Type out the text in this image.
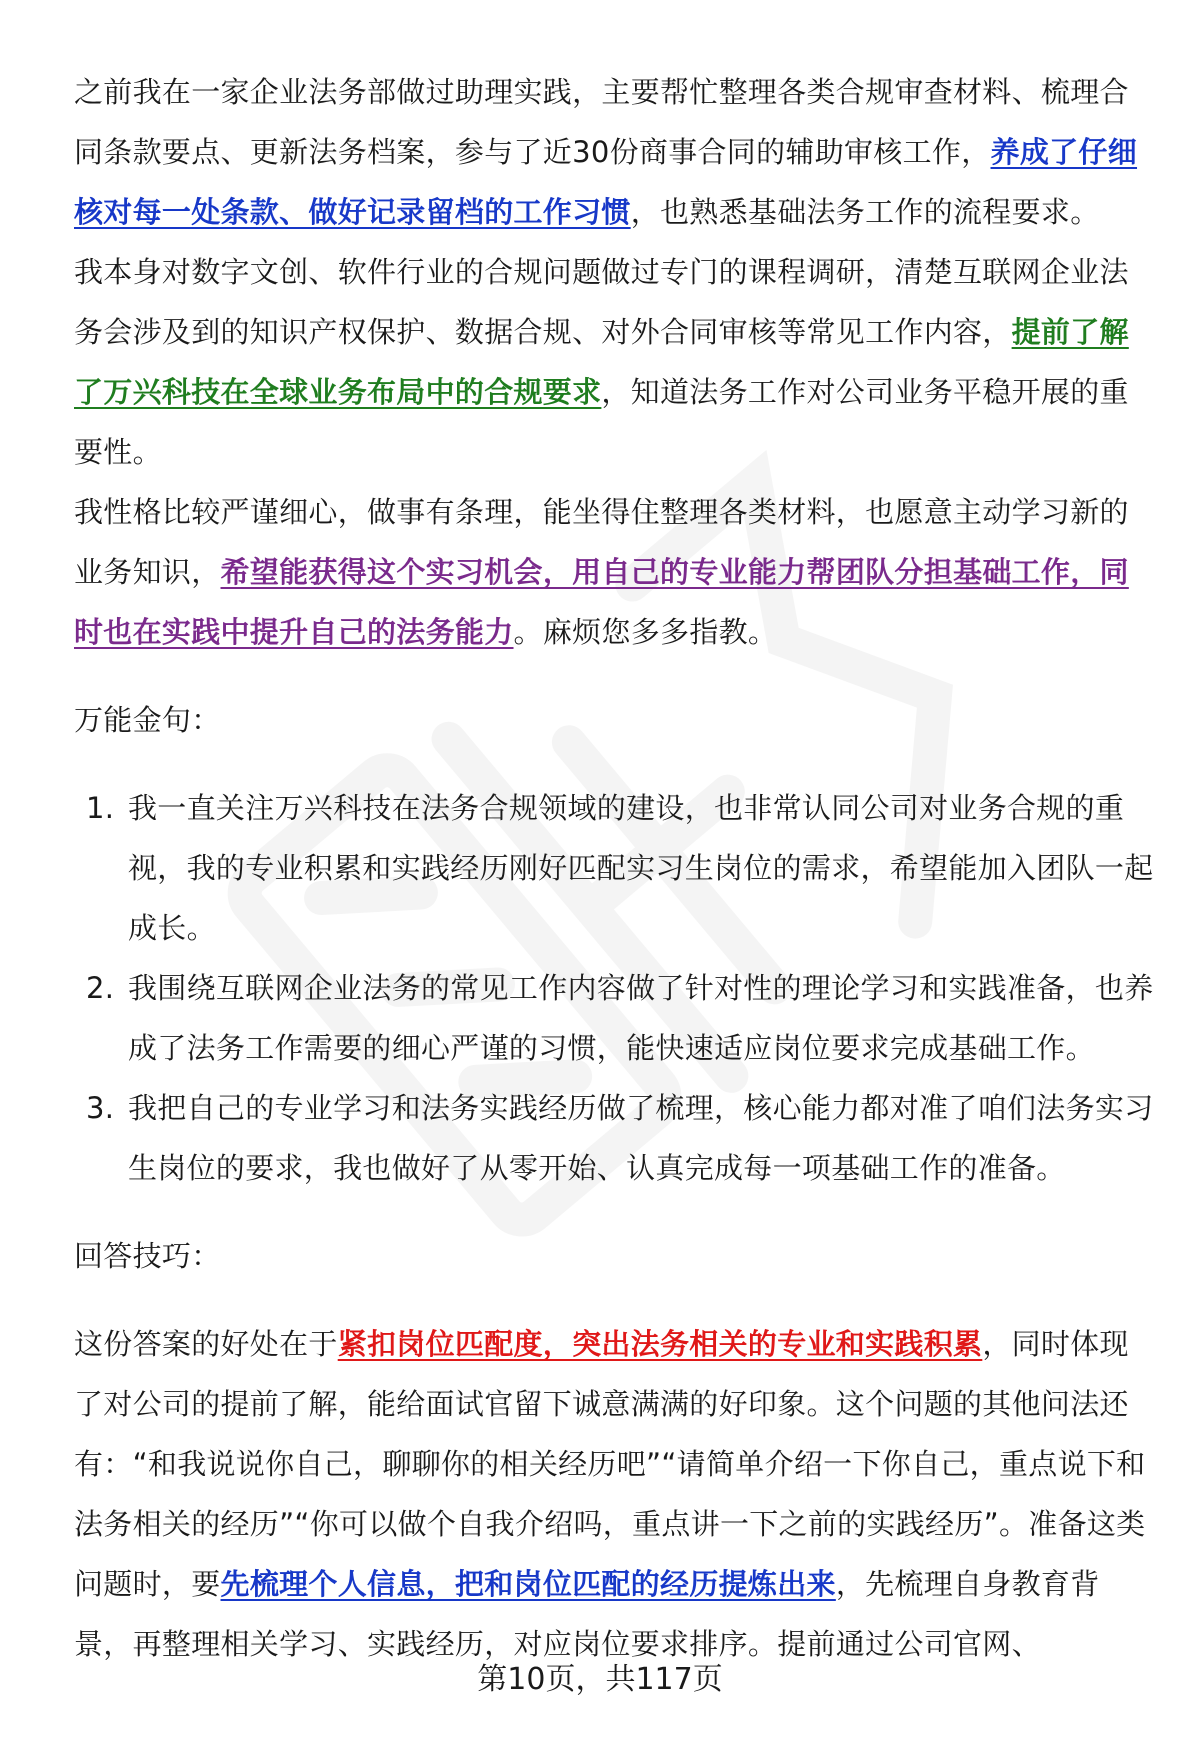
之前我在一家企业法务部做过助理实践，主要帮忙整理各类合规审查材料、梳理合同条款要点、更新法务档案，参与了近30份商事合同的辅助审核工作，养成了仔细核对每一处条款、做好记录留档的工作习惯，也熟悉基础法务工作的流程要求。

我本身对数字文创、软件行业的合规问题做过专门的课程调研，清楚互联网企业法务会涉及到的知识产权保护、数据合规、对外合同审核等常见工作内容，提前了解了万兴科技在全球业务布局中的合规要求，知道法务工作对公司业务平稳开展的重要性。

我性格比较严谨细心，做事有条理，能坐得住整理各类材料，也愿意主动学习新的业务知识，希望能获得这个实习机会，用自己的专业能力帮团队分担基础工作，同时也在实践中提升自己的法务能力。麻烦您多多指教。

万能金句：

1. 我一直关注万兴科技在法务合规领域的建设，也非常认同公司对业务合规的重视，我的专业积累和实践经历刚好匹配实习生岗位的需求，希望能加入团队一起成长。
2. 我围绕互联网企业法务的常见工作内容做了针对性的理论学习和实践准备，也养成了法务工作需要的细心严谨的习惯，能快速适应岗位要求完成基础工作。
3. 我把自己的专业学习和法务实践经历做了梳理，核心能力都对准了咱们法务实习生岗位的要求，我也做好了从零开始、认真完成每一项基础工作的准备。

回答技巧：

这份答案的好处在于紧扣岗位匹配度，突出法务相关的专业和实践积累，同时体现了对公司的提前了解，能给面试官留下诚意满满的好印象。这个问题的其他问法还有：“和我说说你自己，聊聊你的相关经历吧”“请简单介绍一下你自己，重点说下和法务相关的经历”“你可以做个自我介绍吗，重点讲一下之前的实践经历”。准备这类问题时，要先梳理个人信息，把和岗位匹配的经历提炼出来，先梳理自身教育背景，再整理相关学习、实践经历，对应岗位要求排序。提前通过公司官网、

第10页，共117页
